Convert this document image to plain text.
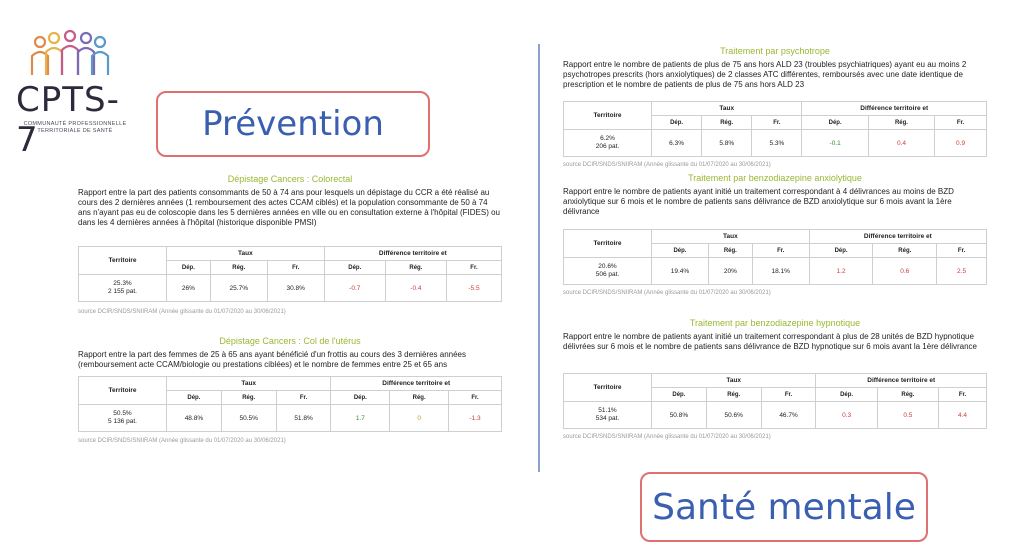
CPTS-7
COMMUNAUTÉ PROFESSIONNELLE TERRITORIALE DE SANTÉ	Prévention
Santé mentale
Dépistage Cancers : Colorectal
Rapport entre la part des patients consommants de 50 à 74 ans pour lesquels un dépistage du CCR a été réalisé au cours des 2 dernières années (1 remboursement des actes CCAM ciblés) et la population consommante de 50 à 74 ans n'ayant pas eu de coloscopie dans les 5 dernières années en ville ou en consultation externe à l'hôpital (FIDES) ou dans les 4 dernières années à l'hôpital (historique disponible PMSI)
Territoire	Taux			Différence territoire et		
	Dép.	Rég.	Fr.	Dép.	Rég.	Fr.

25.3%
2 155 pat.	26%	25.7%	30.8%	-0.7	-0.4	-5.5
source DCIR/SNDS/SNIIRAM (Année glissante du 01/07/2020 au 30/06/2021)
Dépistage Cancers : Col de l'utérus
Rapport entre la part des femmes de 25 à 65 ans ayant bénéficié d'un frottis au cours des 3 dernières années (remboursement acte CCAM/biologie ou prestations ciblées) et le nombre de femmes entre 25 et 65 ans
Territoire	Taux			Différence territoire et		
	Dép.	Rég.	Fr.	Dép.	Rég.	Fr.

50.5%
5 136 pat.	48.8%	50.5%	51.8%	1.7	0	-1.3
source DCIR/SNDS/SNIIRAM (Année glissante du 01/07/2020 au 30/06/2021)
Traitement par psychotrope
Rapport entre le nombre de patients de plus de 75 ans hors ALD 23 (troubles psychiatriques) ayant eu au moins 2 psychotropes prescrits (hors anxiolytiques) de 2 classes ATC différentes, remboursés avec une date identique de prescription et le nombre de patients de plus de 75 ans hors ALD 23
Territoire	Taux			Différence territoire et		
	Dép.	Rég.	Fr.	Dép.	Rég.	Fr.

6.2%
206 pat.	6.3%	5.8%	5.3%	-0.1	0.4	0.9
source DCIR/SNDS/SNIIRAM (Année glissante du 01/07/2020 au 30/06/2021)
Traitement par benzodiazepine anxiolytique
Rapport entre le nombre de patients ayant initié un traitement correspondant à 4 délivrances au moins de BZD anxiolytique sur 6 mois et le nombre de patients sans délivrance de BZD anxiolytique sur 6 mois avant la 1ère délivrance
Territoire	Taux			Différence territoire et		
	Dép.	Rég.	Fr.	Dép.	Rég.	Fr.

20.6%
506 pat.	19.4%	20%	18.1%	1.2	0.6	2.5
source DCIR/SNDS/SNIIRAM (Année glissante du 01/07/2020 au 30/06/2021)
Traitement par benzodiazepine hypnotique
Rapport entre le nombre de patients ayant initié un traitement correspondant à plus de 28 unités de BZD hypnotique délivrées sur 6 mois et le nombre de patients sans délivrance de BZD hypnotique sur 6 mois avant la 1ère délivrance
Territoire	Taux			Différence territoire et		
	Dép.	Rég.	Fr.	Dép.	Rég.	Fr.

51.1%
534 pat.	50.8%	50.6%	46.7%	0.3	0.5	4.4
source DCIR/SNDS/SNIIRAM (Année glissante du 01/07/2020 au 30/06/2021)
